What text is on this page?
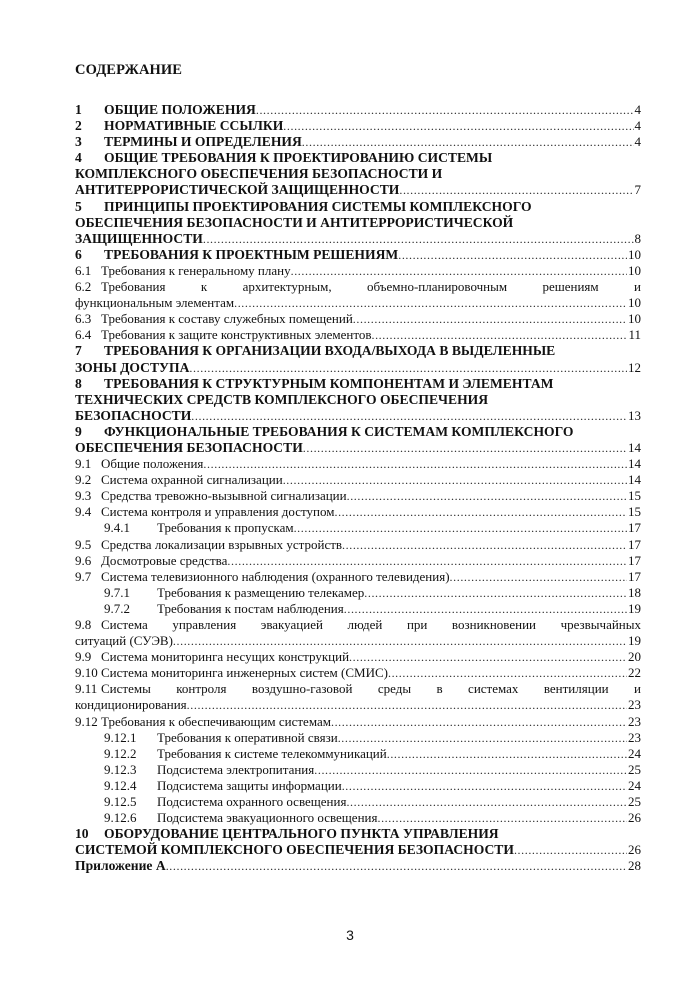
СОДЕРЖАНИЕ
1	ОБЩИЕ ПОЛОЖЕНИЯ .....	4
2	НОРМАТИВНЫЕ ССЫЛКИ .....	4
3	ТЕРМИНЫ И ОПРЕДЕЛЕНИЯ .....	4
4	ОБЩИЕ ТРЕБОВАНИЯ К ПРОЕКТИРОВАНИЮ СИСТЕМЫ
КОМПЛЕКСНОГО ОБЕСПЕЧЕНИЯ БЕЗОПАСНОСТИ И
АНТИТЕРРОРИСТИЧЕСКОЙ ЗАЩИЩЕННОСТИ .....	7
5	ПРИНЦИПЫ ПРОЕКТИРОВАНИЯ СИСТЕМЫ КОМПЛЕКСНОГО
ОБЕСПЕЧЕНИЯ БЕЗОПАСНОСТИ И АНТИТЕРРОРИСТИЧЕСКОЙ
ЗАЩИЩЕННОСТИ .....	8
6	ТРЕБОВАНИЯ К ПРОЕКТНЫМ РЕШЕНИЯМ .....	10
6.1 Требования к генеральному плану .....	10
6.2 Требования к архитектурным, объемно-планировочным решениям и
функциональным элементам .....	10
6.3 Требования к составу служебных помещений .....	10
6.4 Требования к защите конструктивных элементов .....	11
7	ТРЕБОВАНИЯ К ОРГАНИЗАЦИИ ВХОДА/ВЫХОДА В ВЫДЕЛЕННЫЕ
ЗОНЫ ДОСТУПА .....	12
8	ТРЕБОВАНИЯ К СТРУКТУРНЫМ КОМПОНЕНТАМ И ЭЛЕМЕНТАМ
ТЕХНИЧЕСКИХ СРЕДСТВ КОМПЛЕКСНОГО ОБЕСПЕЧЕНИЯ
БЕЗОПАСНОСТИ .....	13
9	ФУНКЦИОНАЛЬНЫЕ ТРЕБОВАНИЯ К СИСТЕМАМ КОМПЛЕКСНОГО
ОБЕСПЕЧЕНИЯ БЕЗОПАСНОСТИ .....	14
9.1 Общие положения .....	14
9.2 Система охранной сигнализации .....	14
9.3 Средства тревожно-вызывной сигнализации .....	15
9.4 Система контроля и управления доступом .....	15
9.4.1	Требования к пропускам .....	17
9.5 Средства локализации взрывных устройств .....	17
9.6 Досмотровые средства .....	17
9.7 Система телевизионного наблюдения (охранного телевидения) .....	17
9.7.1	Требования к размещению телекамер .....	18
9.7.2	Требования к постам наблюдения .....	19
9.8 Система управления эвакуацией людей при возникновении чрезвычайных
ситуаций (СУЭВ) .....	19
9.9 Система мониторинга несущих конструкций .....	20
9.10 Система мониторинга инженерных систем (СМИС) .....	22
9.11 Системы контроля воздушно-газовой среды в системах вентиляции и
кондиционирования .....	23
9.12 Требования к обеспечивающим системам .....	23
9.12.1	Требования к оперативной связи .....	23
9.12.2	Требования к системе телекоммуникаций .....	24
9.12.3	Подсистема электропитания .....	25
9.12.4	Подсистема защиты информации .....	24
9.12.5	Подсистема охранного освещения .....	25
9.12.6	Подсистема эвакуационного освещения .....	26
10	ОБОРУДОВАНИЕ ЦЕНТРАЛЬНОГО ПУНКТА УПРАВЛЕНИЯ
СИСТЕМОЙ КОМПЛЕКСНОГО ОБЕСПЕЧЕНИЯ БЕЗОПАСНОСТИ .....	26
Приложение А .....	28
3
